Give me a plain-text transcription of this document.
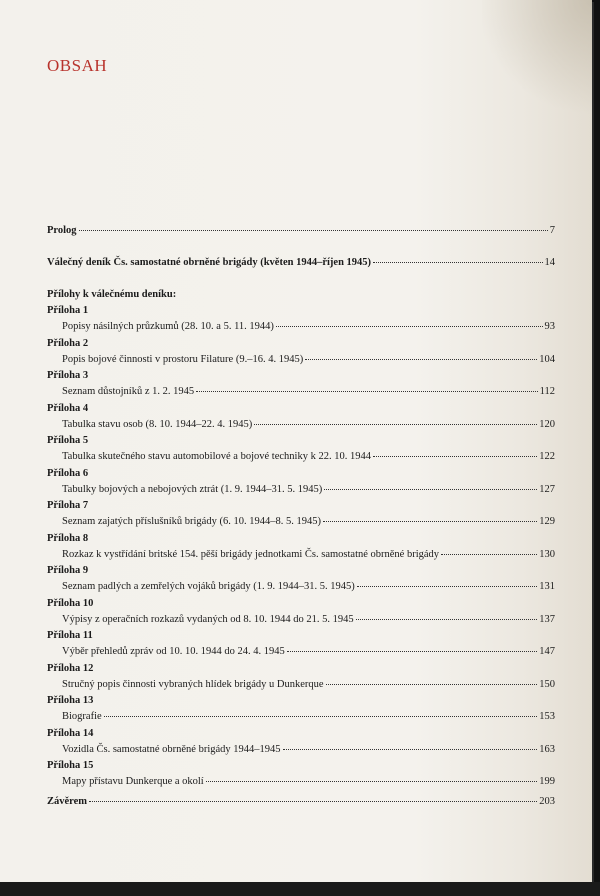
OBSAH
Prolog	7
Válečný deník Čs. samostatné obrněné brigády (květen 1944–říjen 1945)	14
Přílohy k válečnému deníku:
Příloha 1
Popisy násilných průzkumů (28. 10. a 5. 11. 1944)	93
Příloha 2
Popis bojové činnosti v prostoru Filature (9.–16. 4. 1945)	104
Příloha 3
Seznam důstojníků z 1. 2. 1945	112
Příloha 4
Tabulka stavu osob (8. 10. 1944–22. 4. 1945)	120
Příloha 5
Tabulka skutečného stavu automobilové a bojové techniky k 22. 10. 1944	122
Příloha 6
Tabulky bojových a nebojových ztrát (1. 9. 1944–31. 5. 1945)	127
Příloha 7
Seznam zajatých příslušníků brigády (6. 10. 1944–8. 5. 1945)	129
Příloha 8
Rozkaz k vystřídání britské 154. pěší brigády jednotkami Čs. samostatné obrněné brigády	130
Příloha 9
Seznam padlých a zemřelých vojáků brigády (1. 9. 1944–31. 5. 1945)	131
Příloha 10
Výpisy z operačních rozkazů vydaných od 8. 10. 1944 do 21. 5. 1945	137
Příloha 11
Výběr přehledů zpráv od 10. 10. 1944 do 24. 4. 1945	147
Příloha 12
Stručný popis činnosti vybraných hlídek brigády u Dunkerque	150
Příloha 13
Biografie	153
Příloha 14
Vozidla Čs. samostatné obrněné brigády 1944–1945	163
Příloha 15
Mapy přístavu Dunkerque a okolí	199
Závěrem	203
